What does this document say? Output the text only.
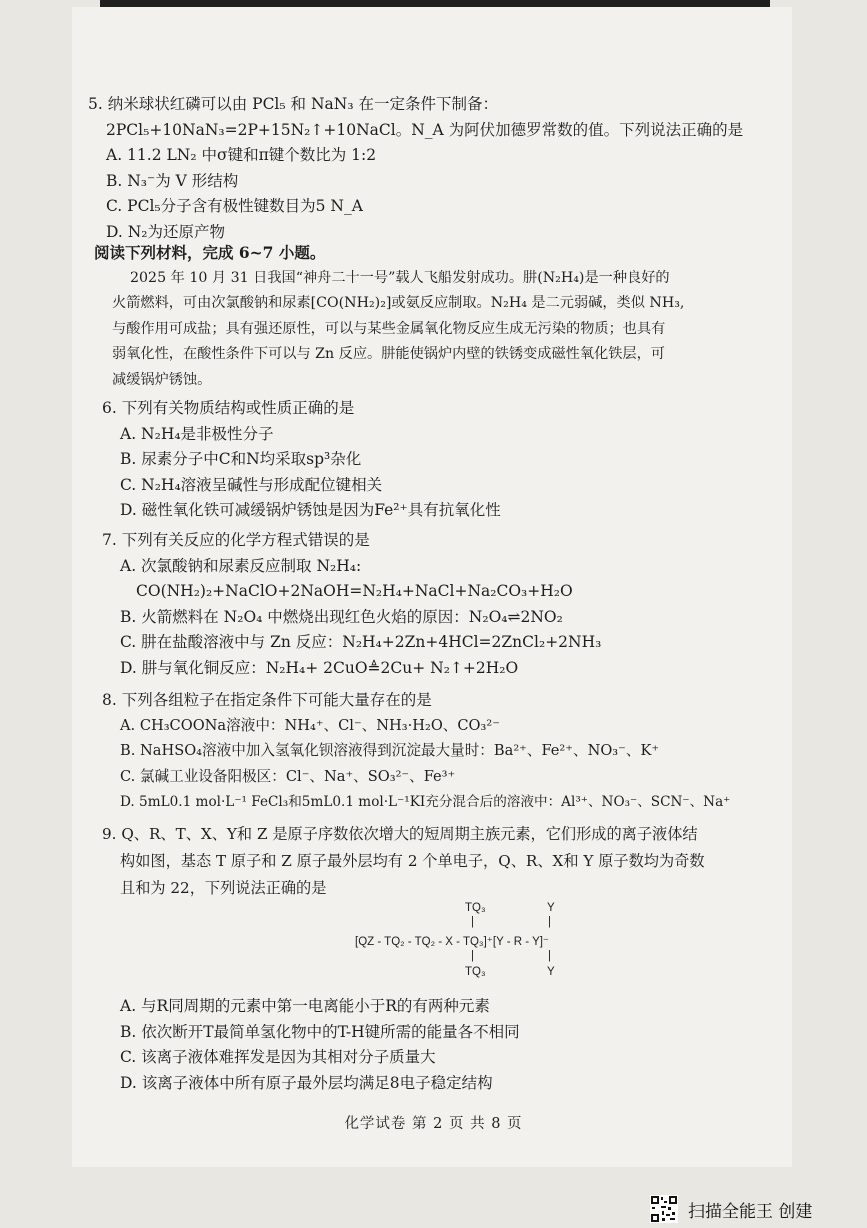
5. 纳米球状红磷可以由 PCl₅ 和 NaN₃ 在一定条件下制备：
2PCl₅+10NaN₃=2P+15N₂↑+10NaCl。N_A 为阿伏加德罗常数的值。下列说法正确的是
A. 11.2 LN₂ 中σ键和π键个数比为 1:2
B. N₃⁻为 V 形结构
C. PCl₅分子含有极性键数目为5 N_A
D. N₂为还原产物
阅读下列材料，完成 6~7 小题。
2025 年 10 月 31 日我国“神舟二十一号”载人飞船发射成功。肼(N₂H₄)是一种良好的
火箭燃料，可由次氯酸钠和尿素[CO(NH₂)₂]或氨反应制取。N₂H₄ 是二元弱碱，类似 NH₃,
与酸作用可成盐；具有强还原性，可以与某些金属氧化物反应生成无污染的物质；也具有
弱氧化性，在酸性条件下可以与 Zn 反应。肼能使锅炉内壁的铁锈变成磁性氧化铁层，可
减缓锅炉锈蚀。
6. 下列有关物质结构或性质正确的是
A. N₂H₄是非极性分子
B. 尿素分子中C和N均采取sp³杂化
C. N₂H₄溶液呈碱性与形成配位键相关
D. 磁性氧化铁可减缓锅炉锈蚀是因为Fe²⁺具有抗氧化性
7. 下列有关反应的化学方程式错误的是
A. 次氯酸钠和尿素反应制取 N₂H₄:
CO(NH₂)₂+NaClO+2NaOH=N₂H₄+NaCl+Na₂CO₃+H₂O
B. 火箭燃料在 N₂O₄ 中燃烧出现红色火焰的原因：N₂O₄⇌2NO₂
C. 肼在盐酸溶液中与 Zn 反应：N₂H₄+2Zn+4HCl=2ZnCl₂+2NH₃
D. 肼与氧化铜反应：N₂H₄+ 2CuO≜2Cu+ N₂↑+2H₂O
8. 下列各组粒子在指定条件下可能大量存在的是
A. CH₃COONa溶液中：NH₄⁺、Cl⁻、NH₃·H₂O、CO₃²⁻
B. NaHSO₄溶液中加入氢氧化钡溶液得到沉淀最大量时：Ba²⁺、Fe²⁺、NO₃⁻、K⁺
C. 氯碱工业设备阳极区：Cl⁻、Na⁺、SO₃²⁻、Fe³⁺
D. 5mL0.1 mol·L⁻¹ FeCl₃和5mL0.1 mol·L⁻¹KI充分混合后的溶液中：Al³⁺、NO₃⁻、SCN⁻、Na⁺
9. Q、R、T、X、Y和 Z 是原子序数依次增大的短周期主族元素，它们形成的离子液体结
构如图，基态 T 原子和 Z 原子最外层均有 2 个单电子，Q、R、X和 Y 原子数均为奇数
且和为 22，下列说法正确的是
TQ₃	Y
|	|
[QZ - TQ₂ - TQ₂ - X - TQ₃]⁺[Y - R - Y]⁻
|	|
TQ₃	Y
A. 与R同周期的元素中第一电离能小于R的有两种元素
B. 依次断开T最简单氢化物中的T-H键所需的能量各不相同
C. 该离子液体难挥发是因为其相对分子质量大
D. 该离子液体中所有原子最外层均满足8电子稳定结构
化学试卷 第 2 页 共 8 页
扫描全能王 创建
